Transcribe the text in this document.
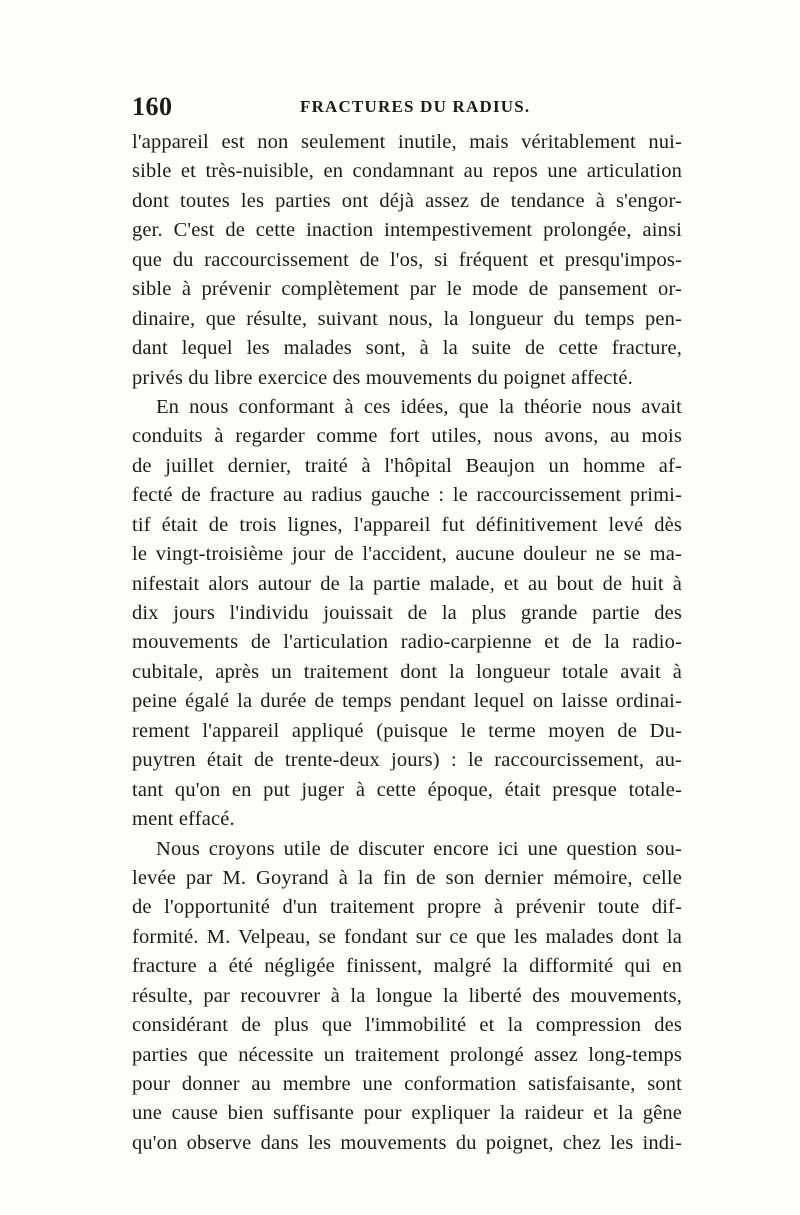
160	FRACTURES DU RADIUS.
l'appareil est non seulement inutile, mais véritablement nui-
sible et très-nuisible, en condamnant au repos une articulation
dont toutes les parties ont déjà assez de tendance à s'engor-
ger. C'est de cette inaction intempestivement prolongée, ainsi
que du raccourcissement de l'os, si fréquent et presqu'impos-
sible à prévenir complètement par le mode de pansement or-
dinaire, que résulte, suivant nous, la longueur du temps pen-
dant lequel les malades sont, à la suite de cette fracture,
privés du libre exercice des mouvements du poignet affecté.
En nous conformant à ces idées, que la théorie nous avait
conduits à regarder comme fort utiles, nous avons, au mois
de juillet dernier, traité à l'hôpital Beaujon un homme af-
fecté de fracture au radius gauche : le raccourcissement primi-
tif était de trois lignes, l'appareil fut définitivement levé dès
le vingt-troisième jour de l'accident, aucune douleur ne se ma-
nifestait alors autour de la partie malade, et au bout de huit à
dix jours l'individu jouissait de la plus grande partie des
mouvements de l'articulation radio-carpienne et de la radio-
cubitale, après un traitement dont la longueur totale avait à
peine égalé la durée de temps pendant lequel on laisse ordinai-
rement l'appareil appliqué (puisque le terme moyen de Du-
puytren était de trente-deux jours) : le raccourcissement, au-
tant qu'on en put juger à cette époque, était presque totale-
ment effacé.
Nous croyons utile de discuter encore ici une question sou-
levée par M. Goyrand à la fin de son dernier mémoire, celle
de l'opportunité d'un traitement propre à prévenir toute dif-
formité. M. Velpeau, se fondant sur ce que les malades dont la
fracture a été négligée finissent, malgré la difformité qui en
résulte, par recouvrer à la longue la liberté des mouvements,
considérant de plus que l'immobilité et la compression des
parties que nécessite un traitement prolongé assez long-temps
pour donner au membre une conformation satisfaisante, sont
une cause bien suffisante pour expliquer la raideur et la gêne
qu'on observe dans les mouvements du poignet, chez les indi-
